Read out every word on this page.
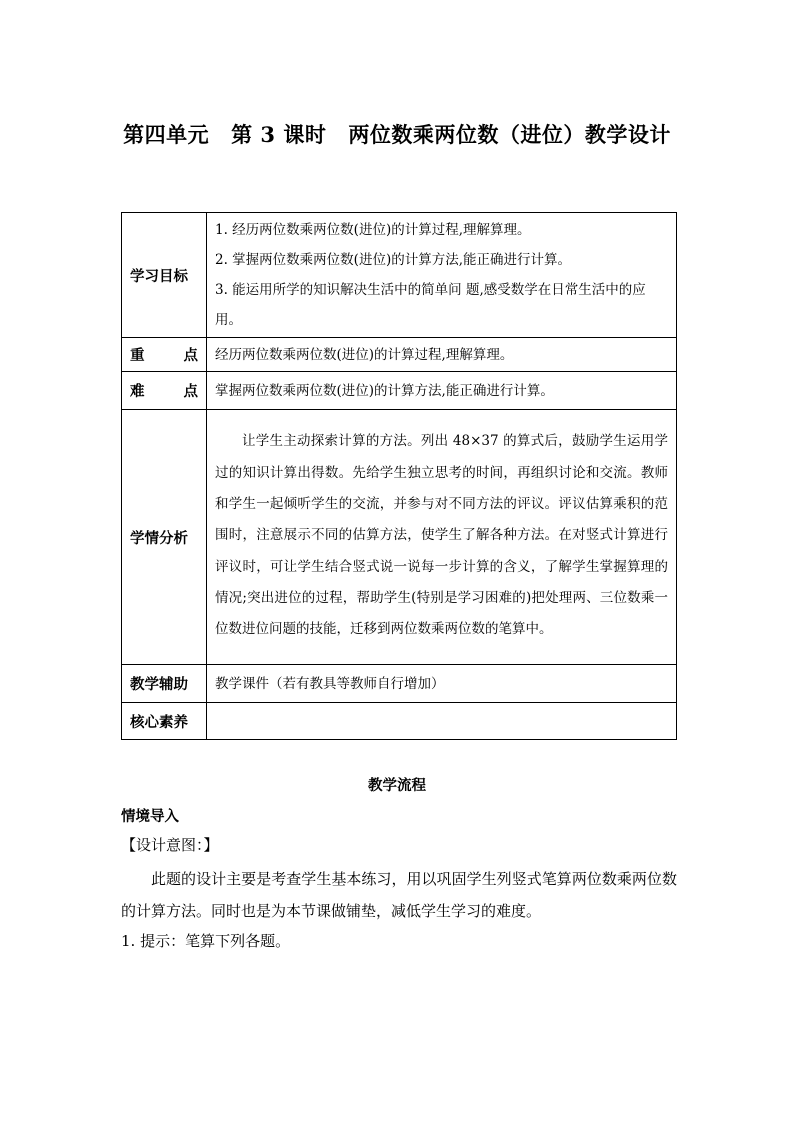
第四单元 第 3 课时 两位数乘两位数（进位）教学设计
学习目标	1. 经历两位数乘两位数(进位)的计算过程,理解算理。
2. 掌握两位数乘两位数(进位)的计算方法,能正确进行计算。
3. 能运用所学的知识解决生活中的简单问 题,感受数学在日常生活中的应用。

重 点	经历两位数乘两位数(进位)的计算过程,理解算理。

难 点	掌握两位数乘两位数(进位)的计算方法,能正确进行计算。
学情分析	让学生主动探索计算的方法。列出 48×37 的算式后，鼓励学生运用学过的知识计算出得数。先给学生独立思考的时间，再组织讨论和交流。教师和学生一起倾听学生的交流，并参与对不同方法的评议。评议估算乘积的范围时，注意展示不同的估算方法，使学生了解各种方法。在对竖式计算进行评议时，可让学生结合竖式说一说每一步计算的含义，了解学生掌握算理的情况;突出进位的过程，帮助学生(特别是学习困难的)把处理两、三位数乘一位数进位问题的技能，迁移到两位数乘两位数的笔算中。

教学辅助	教学课件（若有教具等教师自行增加）
核心素养	
教学流程
情境导入
【设计意图：】

此题的设计主要是考查学生基本练习，用以巩固学生列竖式笔算两位数乘两位数的计算方法。同时也是为本节课做铺垫，减低学生学习的难度。

1. 提示：笔算下列各题。
